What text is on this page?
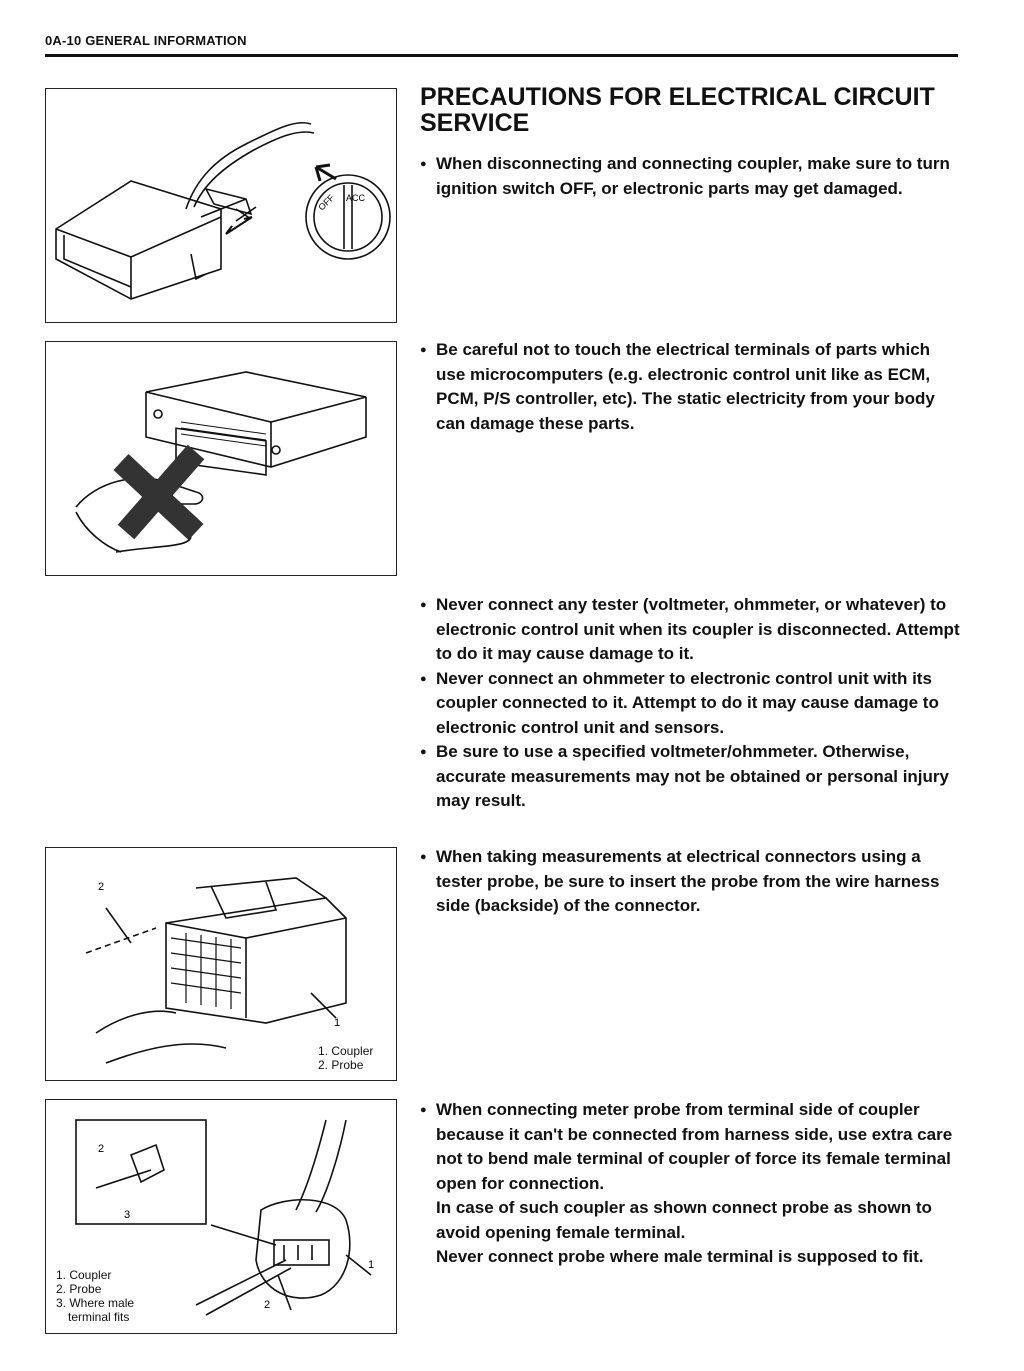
0A-10 GENERAL INFORMATION
OFF ACC
2
1
1. Coupler
2. Probe
2
3
1
2
1. Coupler
2. Probe
3. Where male
terminal fits
PRECAUTIONS FOR ELECTRICAL CIRCUIT SERVICE

● When disconnecting and connecting coupler, make sure to turn ignition switch OFF, or electronic parts may get damaged.

● Be careful not to touch the electrical terminals of parts which use microcomputers (e.g. electronic control unit like as ECM, PCM, P/S controller, etc). The static electricity from your body can damage these parts.

● Never connect any tester (voltmeter, ohmmeter, or whatever) to electronic control unit when its coupler is disconnected. Attempt to do it may cause damage to it.

● Never connect an ohmmeter to electronic control unit with its coupler connected to it. Attempt to do it may cause damage to electronic control unit and sensors.

● Be sure to use a specified voltmeter/ohmmeter. Otherwise, accurate measurements may not be obtained or personal injury may result.

● When taking measurements at electrical connectors using a tester probe, be sure to insert the probe from the wire harness side (backside) of the connector.

● When connecting meter probe from terminal side of coupler because it can't be connected from harness side, use extra care not to bend male terminal of coupler of force its female terminal open for connection.

In case of such coupler as shown connect probe as shown to avoid opening female terminal.

Never connect probe where male terminal is supposed to fit.
